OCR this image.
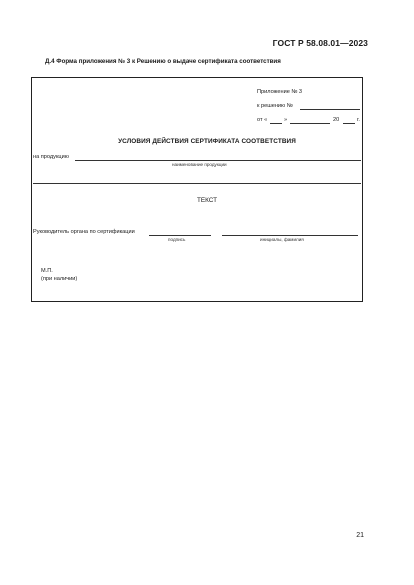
ГОСТ Р 58.08.01—2023
Д.4 Форма приложения № 3 к Решению о выдаче сертификата соответствия
Приложение № 3
к решению №
от «	»	20	г.
УСЛОВИЯ ДЕЙСТВИЯ СЕРТИФИКАТА СООТВЕТСТВИЯ
на продукцию
наименование продукции
ТЕКСТ
Руководитель органа по сертификации
подпись	инициалы, фамилия
М.П.
(при наличии)
21
